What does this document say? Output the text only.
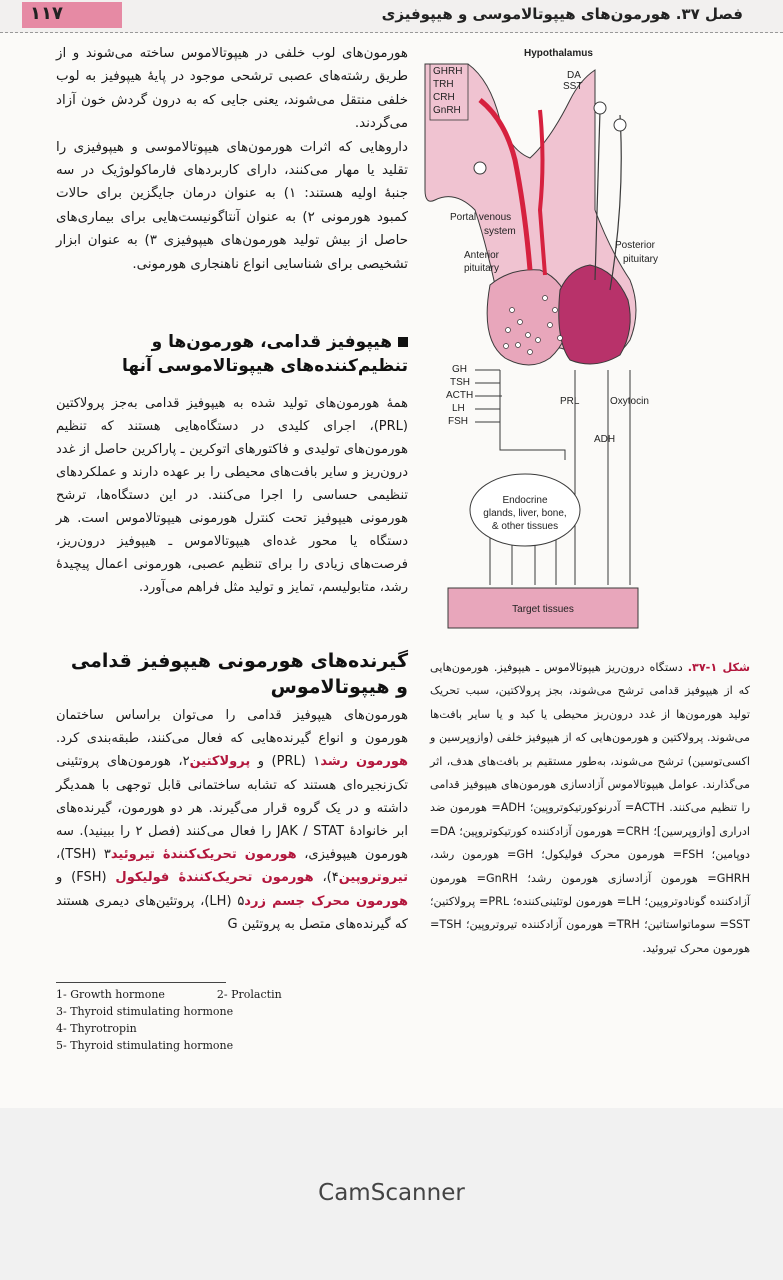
۱۱۷	فصل ۳۷. هورمون‌های هیپوتالاموسی و هیپوفیزی

هورمون‌های لوب خلفی در هیپوتالاموس ساخته می‌شوند و از طریق رشته‌های عصبی ترشحی موجود در پایهٔ هیپوفیز به لوب خلفی منتقل می‌شوند، یعنی جایی که به درون گردش خون آزاد می‌گردند.

داروهایی که اثرات هورمون‌های هیپوتالاموسی و هیپوفیزی را تقلید یا مهار می‌کنند، دارای کاربردهای فارماکولوژیک در سه جنبهٔ اولیه هستند: ۱) به عنوان درمان جایگزین برای حالات کمبود هورمونی ۲) به عنوان آنتاگونیست‌هایی برای بیماری‌های حاصل از بیش تولید هورمون‌های هیپوفیزی ۳) به عنوان ابزار تشخیصی برای شناسایی انواع ناهنجاری هورمونی.

هیپوفیز قدامی، هورمون‌ها و تنظیم‌کننده‌های هیپوتالاموسی آنها
همهٔ هورمون‌های تولید شده به هیپوفیز قدامی به‌جز پرولاکتین (PRL)، اجرای کلیدی در دستگاه‌هایی هستند که تنظیم هورمون‌های تولیدی و فاکتورهای اتوکرین ـ پاراکرین حاصل از غدد درون‌ریز و سایر بافت‌های محیطی را بر عهده دارند و عملکردهای تنظیمی حساسی را اجرا می‌کنند. در این دستگاه‌ها، ترشح هورمونی هیپوفیز تحت کنترل هورمونی هیپوتالاموس است. هر دستگاه یا محور غده‌ای هیپوتالاموس ـ هیپوفیز درون‌ریز، فرصت‌های زیادی را برای تنظیم عصبی، هورمونی اعمال پیچیدهٔ رشد، متابولیسم، تمایز و تولید مثل فراهم می‌آورد.
گیرنده‌های هورمونی هیپوفیز قدامی و هیپوتالاموس
هورمون‌های هیپوفیز قدامی را می‌توان براساس ساختمان هورمون و انواع گیرنده‌هایی که فعال می‌کنند، طبقه‌بندی کرد. هورمون رشد۱ (PRL) و پرولاکتین۲، هورمون‌های پروتئینی تک‌زنجیره‌ای هستند که تشابه ساختمانی قابل توجهی با همدیگر داشته و در یک گروه قرار می‌گیرند. هر دو هورمون، گیرنده‌های ابر خانوادهٔ JAK / STAT را فعال می‌کنند (فصل ۲ را ببینید). سه هورمون هیپوفیزی، هورمون تحریک‌کنندهٔ تیروئید۳ (TSH)، تیروتروپین۴)، هورمون تحریک‌کنندهٔ فولیکول (FSH) و هورمون محرک جسم زرد۵ (LH)، پروتئین‌های دیمری هستند که گیرنده‌های متصل به پروتئین G
1- Growth hormone	2- Prolactin
3- Thyroid stimulating hormone
4- Thyrotropin
5- Thyroid stimulating hormone
GHRH
TRH
CRH
GnRH
Hypothalamus
DA
SST
Portal venous
system
Anterior
pituitary
Posterior
pituitary
GH
TSH
ACTH
LH
FSH
PRL	Oxytocin
ADH
Endocrine
glands, liver, bone,
& other tissues
Target tissues
شکل ۱-۳۷. دستگاه درون‌ریز هیپوتالاموس ـ هیپوفیز. هورمون‌هایی که از هیپوفیز قدامی ترشح می‌شوند، بجز پرولاکتین، سبب تحریک تولید هورمون‌ها از غدد درون‌ریز محیطی یا کبد و یا سایر بافت‌ها می‌شوند. پرولاکتین و هورمون‌هایی که از هیپوفیز خلفی (وازوپرسین و اکسی‌توسین) ترشح می‌شوند، به‌طور مستقیم بر بافت‌های هدف، اثر می‌گذارند. عوامل هیپوتالاموس آزادسازی هورمون‌های هیپوفیز قدامی را تنظیم می‌کنند. ACTH= آدرنوکورتیکوتروپین؛ ADH= هورمون ضد ادراری [وازوپرسین]؛ CRH= هورمون آزادکننده کورتیکوتروپین؛ DA= دوپامین؛ FSH= هورمون محرک فولیکول؛ GH= هورمون رشد، GHRH= هورمون آزادسازی هورمون رشد؛ GnRH= هورمون آزادکننده گونادوتروپین؛ LH= هورمون لوتئینی‌کننده؛ PRL= پرولاکتین؛ SST= سوماتواستاتین؛ TRH= هورمون آزادکننده تیروتروپین؛ TSH= هورمون محرک تیروئید.
CamScanner
